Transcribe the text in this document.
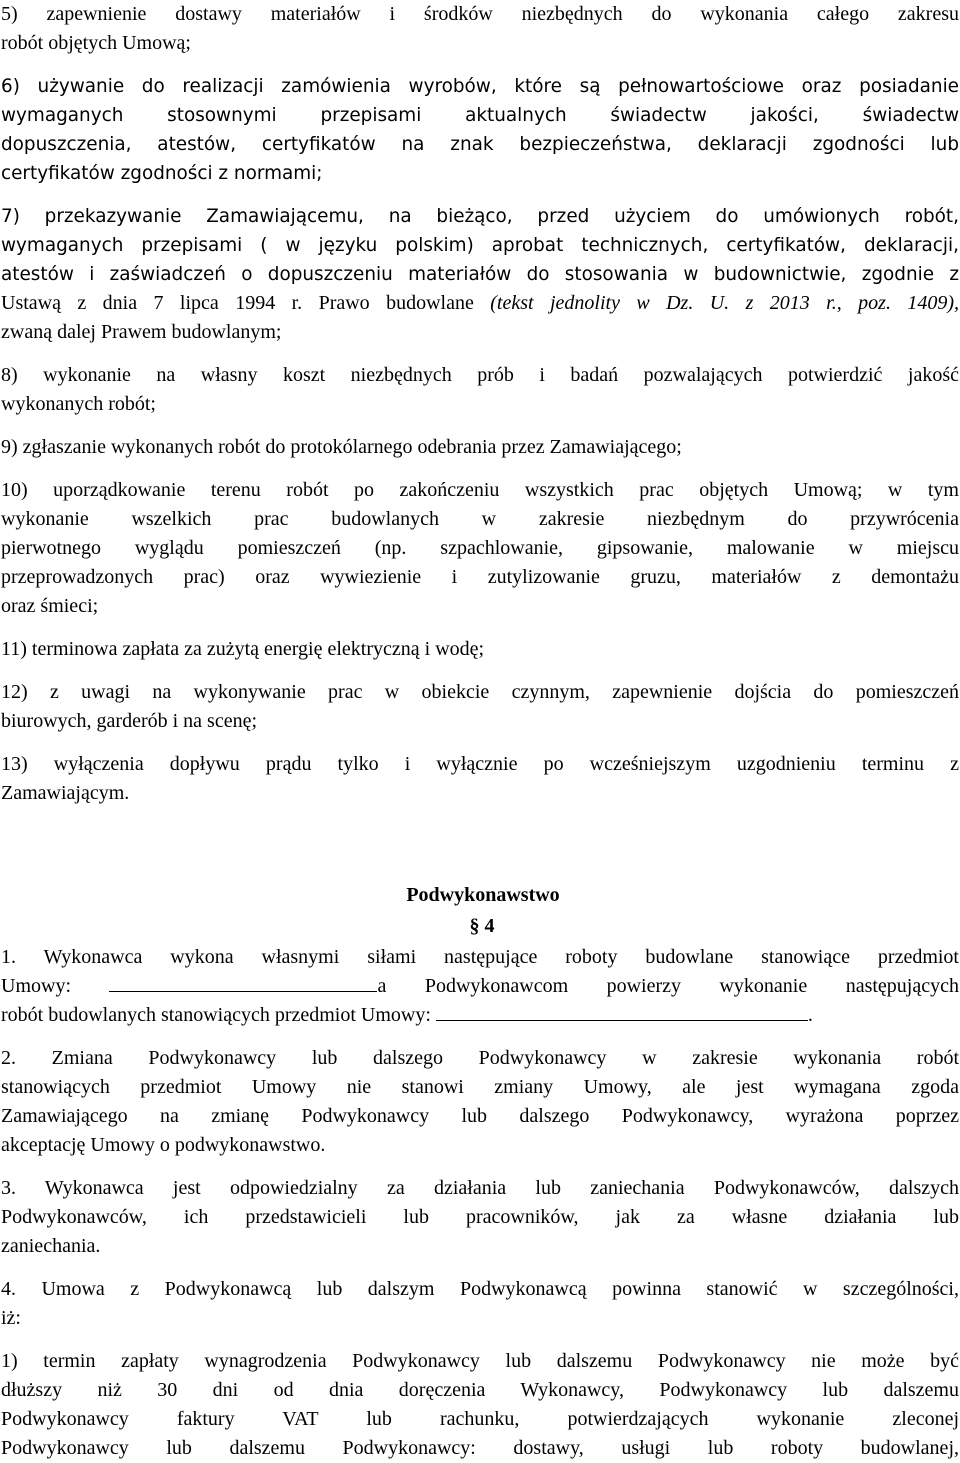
5) zapewnienie dostawy materiałów i środków niezbędnych do wykonania całego zakresu
robót objętych Umową;
6) używanie do realizacji zamówienia wyrobów, które są pełnowartościowe oraz posiadanie
wymaganych stosownymi przepisami aktualnych świadectw jakości, świadectw
dopuszczenia, atestów, certyfikatów na znak bezpieczeństwa, deklaracji zgodności lub
certyfikatów zgodności z normami;
7) przekazywanie Zamawiającemu, na bieżąco, przed użyciem do umówionych robót,
wymaganych przepisami ( w języku polskim) aprobat technicznych, certyfikatów, deklaracji,
atestów i zaświadczeń o dopuszczeniu materiałów do stosowania w budownictwie, zgodnie z
Ustawą z dnia 7 lipca 1994 r. Prawo budowlane (tekst jednolity w Dz. U. z 2013 r., poz. 1409),
zwaną dalej Prawem budowlanym;
8) wykonanie na własny koszt niezbędnych prób i badań pozwalających potwierdzić jakość
wykonanych robót;
9) zgłaszanie wykonanych robót do protokólarnego odebrania przez Zamawiającego;
10) uporządkowanie terenu robót po zakończeniu wszystkich prac objętych Umową; w tym
wykonanie wszelkich prac budowlanych w zakresie niezbędnym do przywrócenia
pierwotnego wyglądu pomieszczeń (np. szpachlowanie, gipsowanie, malowanie w miejscu
przeprowadzonych prac) oraz wywiezienie i zutylizowanie gruzu, materiałów z demontażu
oraz śmieci;
11) terminowa zapłata za zużytą energię elektryczną i wodę;
12) z uwagi na wykonywanie prac w obiekcie czynnym, zapewnienie dojścia do pomieszczeń
biurowych, garderób i na scenę;
13) wyłączenia dopływu prądu tylko i wyłącznie po wcześniejszym uzgodnieniu terminu z
Zamawiającym.
Podwykonawstwo
§ 4
1. Wykonawca wykona własnymi siłami następujące roboty budowlane stanowiące przedmiot
Umowy:	a Podwykonawcom powierzy wykonanie następujących
robót budowlanych stanowiących przedmiot Umowy:	.
2. Zmiana Podwykonawcy lub dalszego Podwykonawcy w zakresie wykonania robót
stanowiących przedmiot Umowy nie stanowi zmiany Umowy, ale jest wymagana zgoda
Zamawiającego na zmianę Podwykonawcy lub dalszego Podwykonawcy, wyrażona poprzez
akceptację Umowy o podwykonawstwo.
3. Wykonawca jest odpowiedzialny za działania lub zaniechania Podwykonawców, dalszych
Podwykonawców, ich przedstawicieli lub pracowników, jak za własne działania lub
zaniechania.
4. Umowa z Podwykonawcą lub dalszym Podwykonawcą powinna stanowić w szczególności,
iż:
1) termin zapłaty wynagrodzenia Podwykonawcy lub dalszemu Podwykonawcy nie może być
dłuższy niż 30 dni od dnia doręczenia Wykonawcy, Podwykonawcy lub dalszemu
Podwykonawcy faktury VAT lub rachunku, potwierdzających wykonanie zleconej
Podwykonawcy lub dalszemu Podwykonawcy: dostawy, usługi lub roboty budowlanej,
